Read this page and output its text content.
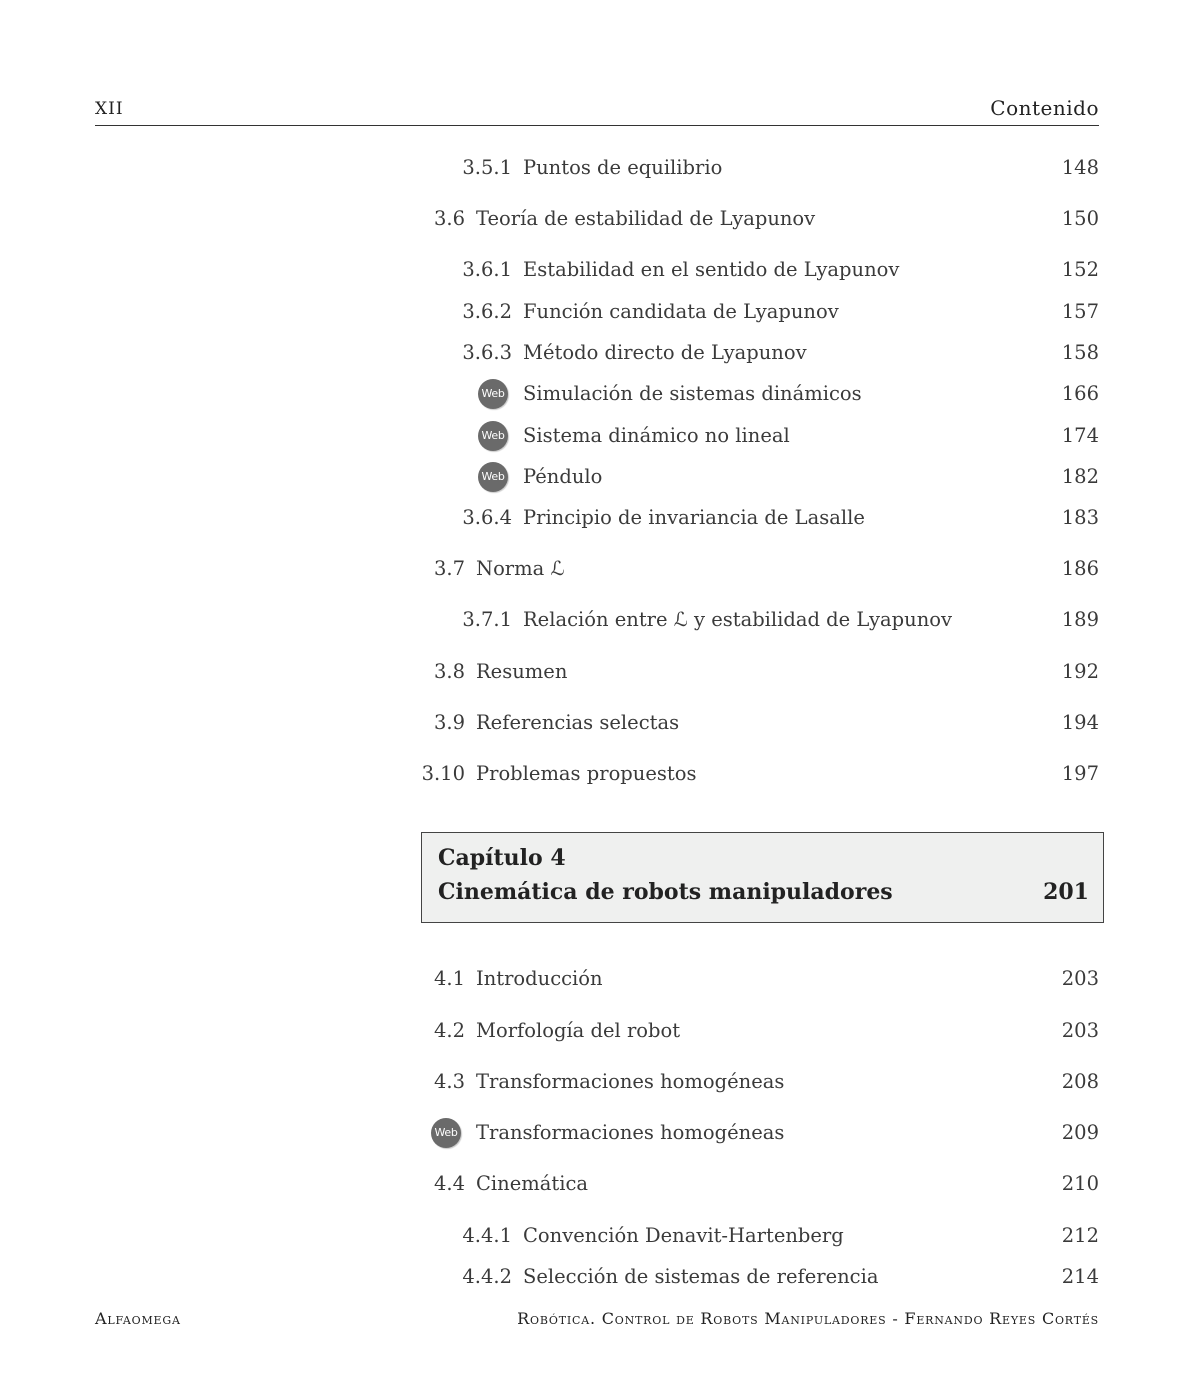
XII	Contenido
3.5.1 Puntos de equilibrio	148
3.6 Teoría de estabilidad de Lyapunov	150
3.6.1 Estabilidad en el sentido de Lyapunov	152
3.6.2 Función candidata de Lyapunov	157
3.6.3 Método directo de Lyapunov	158
Web Simulación de sistemas dinámicos	166
Web Sistema dinámico no lineal	174
Web Péndulo	182
3.6.4 Principio de invariancia de Lasalle	183
3.7 Norma ℒ	186
3.7.1 Relación entre ℒ y estabilidad de Lyapunov	189
3.8 Resumen	192
3.9 Referencias selectas	194
3.10 Problemas propuestos	197
Capítulo 4
Cinemática de robots manipuladores	201
4.1 Introducción	203
4.2 Morfología del robot	203
4.3 Transformaciones homogéneas	208
Web Transformaciones homogéneas	209
4.4 Cinemática	210
4.4.1 Convención Denavit-Hartenberg	212
4.4.2 Selección de sistemas de referencia	214
Alfaomega	Robótica. Control de Robots Manipuladores - Fernando Reyes Cortés
